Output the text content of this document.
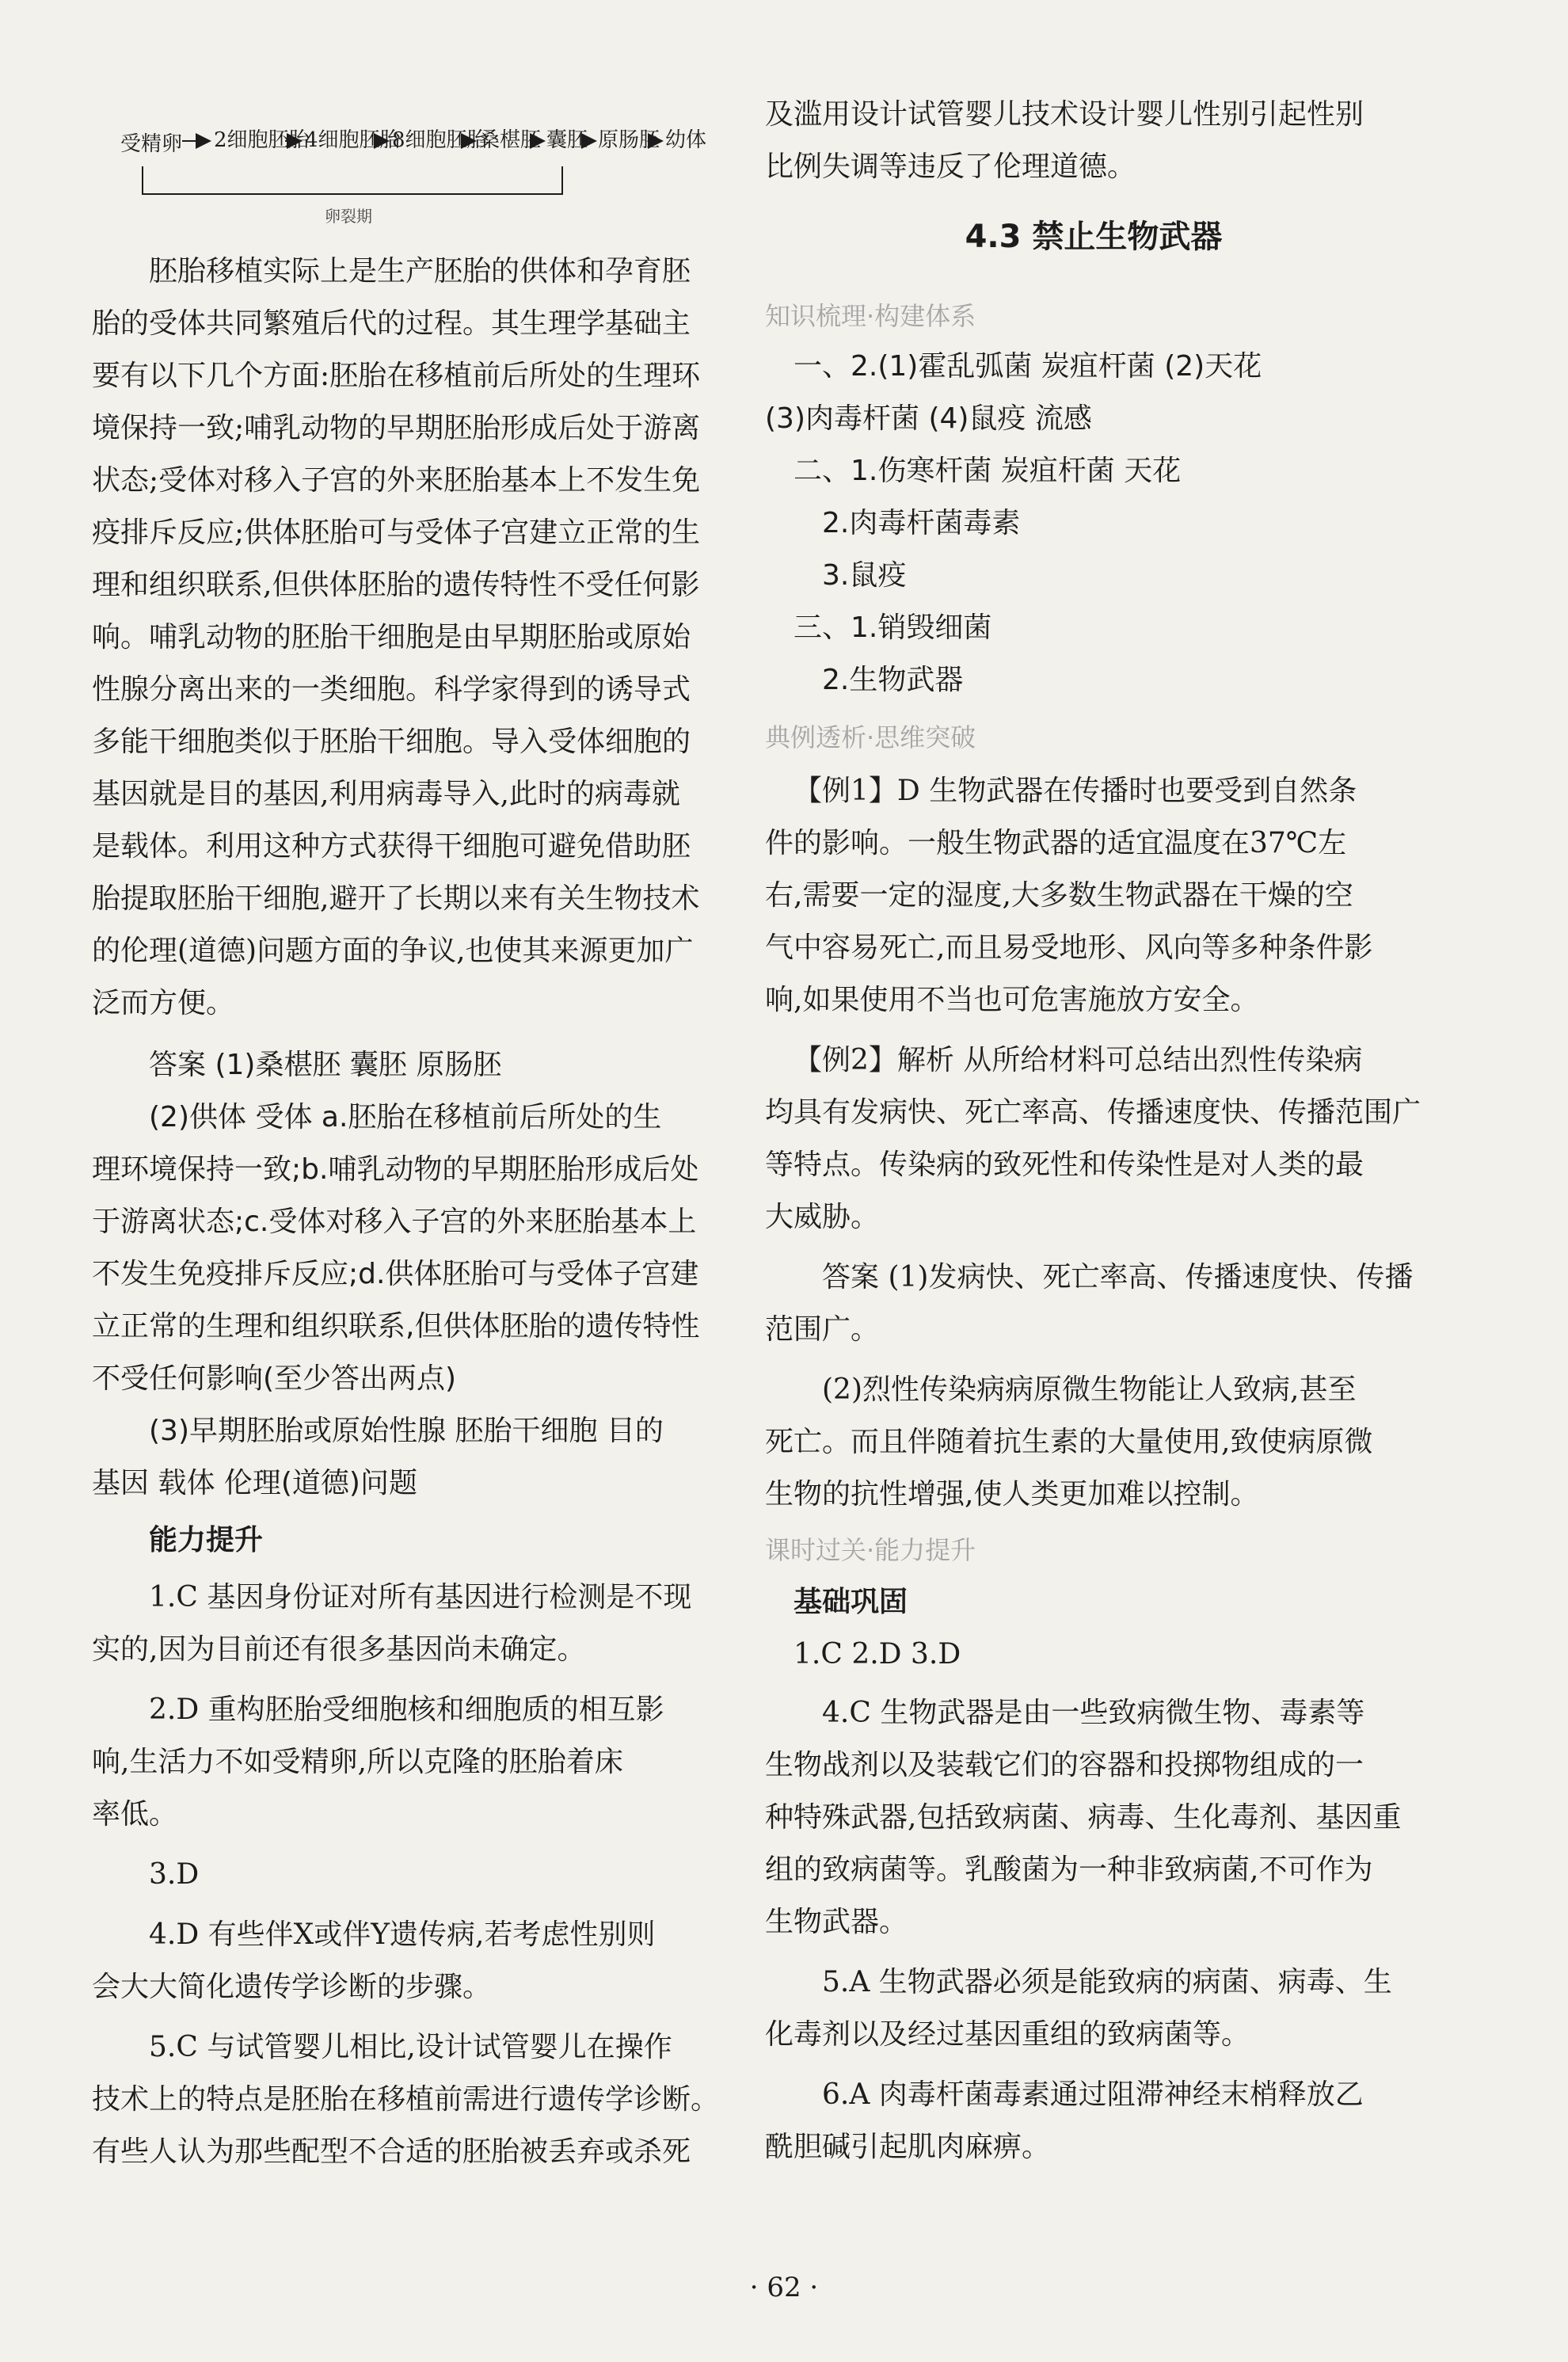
受精卵 2细胞胚胎
4细胞胚胎
8细胞胚胎
桑椹胚 囊胚 原肠胚 幼体
卵裂期

胚胎移植实际上是生产胚胎的供体和孕育胚

胎的受体共同繁殖后代的过程。其生理学基础主

要有以下几个方面:胚胎在移植前后所处的生理环

境保持一致;哺乳动物的早期胚胎形成后处于游离

状态;受体对移入子宫的外来胚胎基本上不发生免

疫排斥反应;供体胚胎可与受体子宫建立正常的生

理和组织联系,但供体胚胎的遗传特性不受任何影

响。哺乳动物的胚胎干细胞是由早期胚胎或原始

性腺分离出来的一类细胞。科学家得到的诱导式

多能干细胞类似于胚胎干细胞。导入受体细胞的

基因就是目的基因,利用病毒导入,此时的病毒就

是载体。利用这种方式获得干细胞可避免借助胚

胎提取胚胎干细胞,避开了长期以来有关生物技术

的伦理(道德)问题方面的争议,也使其来源更加广

泛而方便。

答案 (1)桑椹胚 囊胚 原肠胚

(2)供体 受体 a.胚胎在移植前后所处的生

理环境保持一致;b.哺乳动物的早期胚胎形成后处

于游离状态;c.受体对移入子宫的外来胚胎基本上

不发生免疫排斥反应;d.供体胚胎可与受体子宫建

立正常的生理和组织联系,但供体胚胎的遗传特性

不受任何影响(至少答出两点)

(3)早期胚胎或原始性腺 胚胎干细胞 目的

基因 载体 伦理(道德)问题

能力提升

1.C 基因身份证对所有基因进行检测是不现

实的,因为目前还有很多基因尚未确定。

2.D 重构胚胎受细胞核和细胞质的相互影

响,生活力不如受精卵,所以克隆的胚胎着床

率低。

3.D

4.D 有些伴X或伴Y遗传病,若考虑性别则

会大大简化遗传学诊断的步骤。

5.C 与试管婴儿相比,设计试管婴儿在操作

技术上的特点是胚胎在移植前需进行遗传学诊断。

有些人认为那些配型不合适的胚胎被丢弃或杀死

及滥用设计试管婴儿技术设计婴儿性别引起性别

比例失调等违反了伦理道德。

4.3 禁止生物武器

知识梳理·构建体系

一、2.(1)霍乱弧菌 炭疽杆菌 (2)天花

(3)肉毒杆菌 (4)鼠疫 流感

二、1.伤寒杆菌 炭疽杆菌 天花

2.肉毒杆菌毒素

3.鼠疫

三、1.销毁细菌

2.生物武器

典例透析·思维突破

【例1】D 生物武器在传播时也要受到自然条

件的影响。一般生物武器的适宜温度在37℃左

右,需要一定的湿度,大多数生物武器在干燥的空

气中容易死亡,而且易受地形、风向等多种条件影

响,如果使用不当也可危害施放方安全。

【例2】解析 从所给材料可总结出烈性传染病

均具有发病快、死亡率高、传播速度快、传播范围广

等特点。传染病的致死性和传染性是对人类的最

大威胁。

答案 (1)发病快、死亡率高、传播速度快、传播

范围广。

(2)烈性传染病病原微生物能让人致病,甚至

死亡。而且伴随着抗生素的大量使用,致使病原微

生物的抗性增强,使人类更加难以控制。

课时过关·能力提升

基础巩固

1.C 2.D 3.D

4.C 生物武器是由一些致病微生物、毒素等

生物战剂以及装载它们的容器和投掷物组成的一

种特殊武器,包括致病菌、病毒、生化毒剂、基因重

组的致病菌等。乳酸菌为一种非致病菌,不可作为

生物武器。

5.A 生物武器必须是能致病的病菌、病毒、生

化毒剂以及经过基因重组的致病菌等。

6.A 肉毒杆菌毒素通过阻滞神经末梢释放乙

酰胆碱引起肌肉麻痹。

· 62 ·
